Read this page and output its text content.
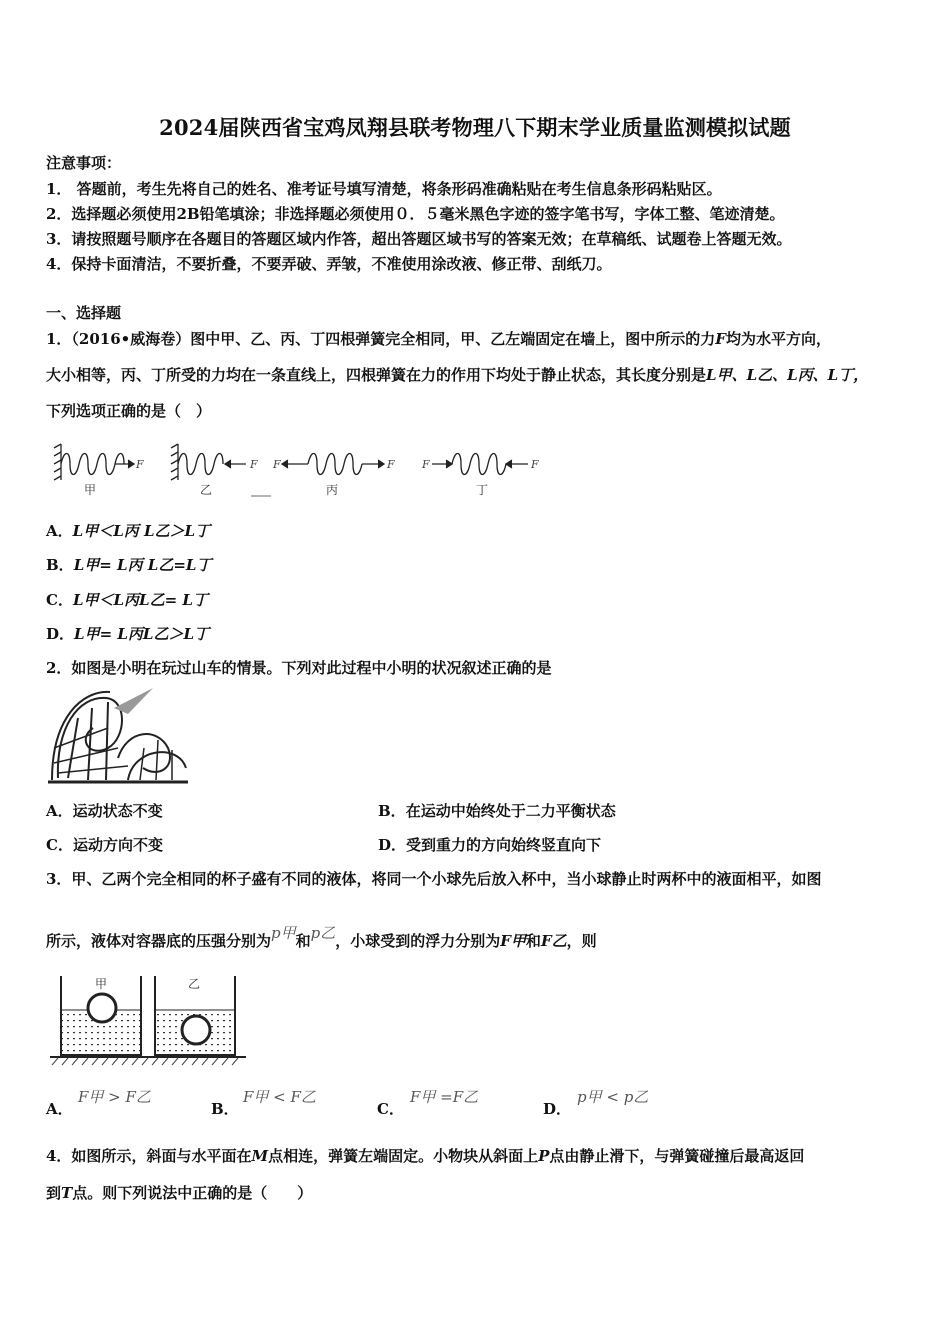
2024届陕西省宝鸡凤翔县联考物理八下期末学业质量监测模拟试题
注意事项：
1． 答题前，考生先将自己的姓名、准考证号填写清楚，将条形码准确粘贴在考生信息条形码粘贴区。
2．选择题必须使用2B铅笔填涂；非选择题必须使用０．５毫米黑色字迹的签字笔书写，字体工整、笔迹清楚。
3．请按照题号顺序在各题目的答题区域内作答，超出答题区域书写的答案无效；在草稿纸、试题卷上答题无效。
4．保持卡面清洁，不要折叠，不要弄破、弄皱，不准使用涂改液、修正带、刮纸刀。
一、选择题
1．（2016•威海卷）图中甲、乙、丙、丁四根弹簧完全相同，甲、乙左端固定在墙上，图中所示的力F均为水平方向，
大小相等，丙、丁所受的力均在一条直线上，四根弹簧在力的作用下均处于静止状态，其长度分别是L甲、L乙、L丙、L丁，
下列选项正确的是（　）
F	F F	F F	F
甲	乙	丙	丁
A．L甲＜L丙 L乙＞L丁
B．L甲= L丙 L乙=L丁
C．L甲＜L丙L乙= L丁
D．L甲= L丙L乙＞L丁
2．如图是小明在玩过山车的情景。下列对此过程中小明的状况叙述正确的是
A．运动状态不变	B．在运动中始终处于二力平衡状态
C．运动方向不变	D．受到重力的方向始终竖直向下
3．甲、乙两个完全相同的杯子盛有不同的液体，将同一个小球先后放入杯中，当小球静止时两杯中的液面相平，如图
所示，液体对容器底的压强分别为p甲和p乙，小球受到的浮力分别为F甲和F乙，则
甲	乙
A．
F甲 > F乙
B．
F甲 < F乙
C．
F甲 =F乙
D．
p甲 < p乙
4．如图所示，斜面与水平面在M点相连，弹簧左端固定。小物块从斜面上P点由静止滑下，与弹簧碰撞后最高返回
到T点。则下列说法中正确的是（　　）
